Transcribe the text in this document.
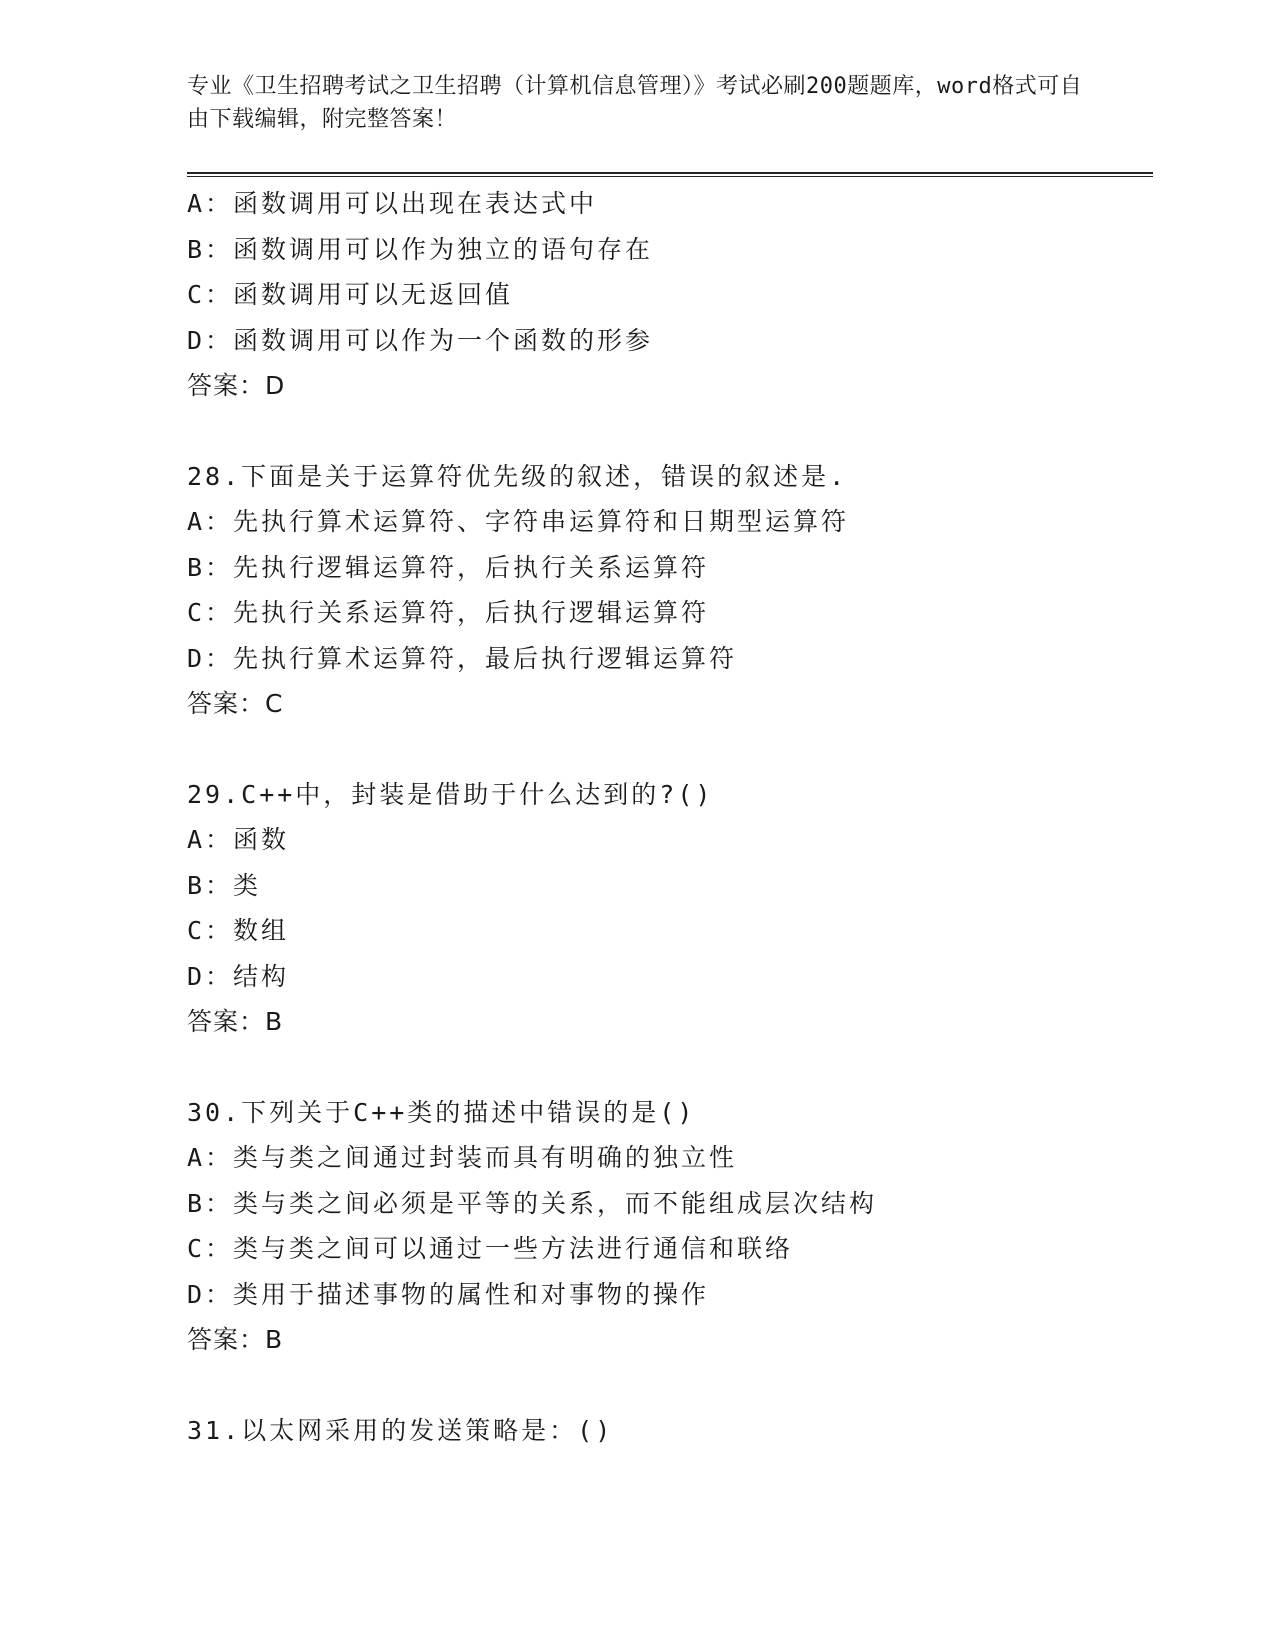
专业《卫生招聘考试之卫生招聘（计算机信息管理）》考试必刷200题题库，word格式可自由下载编辑，附完整答案！

A：函数调用可以出现在表达式中
B：函数调用可以作为独立的语句存在
C：函数调用可以无返回值
D：函数调用可以作为一个函数的形参
答案：D
28.下面是关于运算符优先级的叙述，错误的叙述是.
A：先执行算术运算符、字符串运算符和日期型运算符
B：先执行逻辑运算符，后执行关系运算符
C：先执行关系运算符，后执行逻辑运算符
D：先执行算术运算符，最后执行逻辑运算符
答案：C
29.C++中，封装是借助于什么达到的?()
A：函数
B：类
C：数组
D：结构
答案：B
30.下列关于C++类的描述中错误的是()
A：类与类之间通过封装而具有明确的独立性
B：类与类之间必须是平等的关系，而不能组成层次结构
C：类与类之间可以通过一些方法进行通信和联络
D：类用于描述事物的属性和对事物的操作
答案：B
31.以太网采用的发送策略是：()
